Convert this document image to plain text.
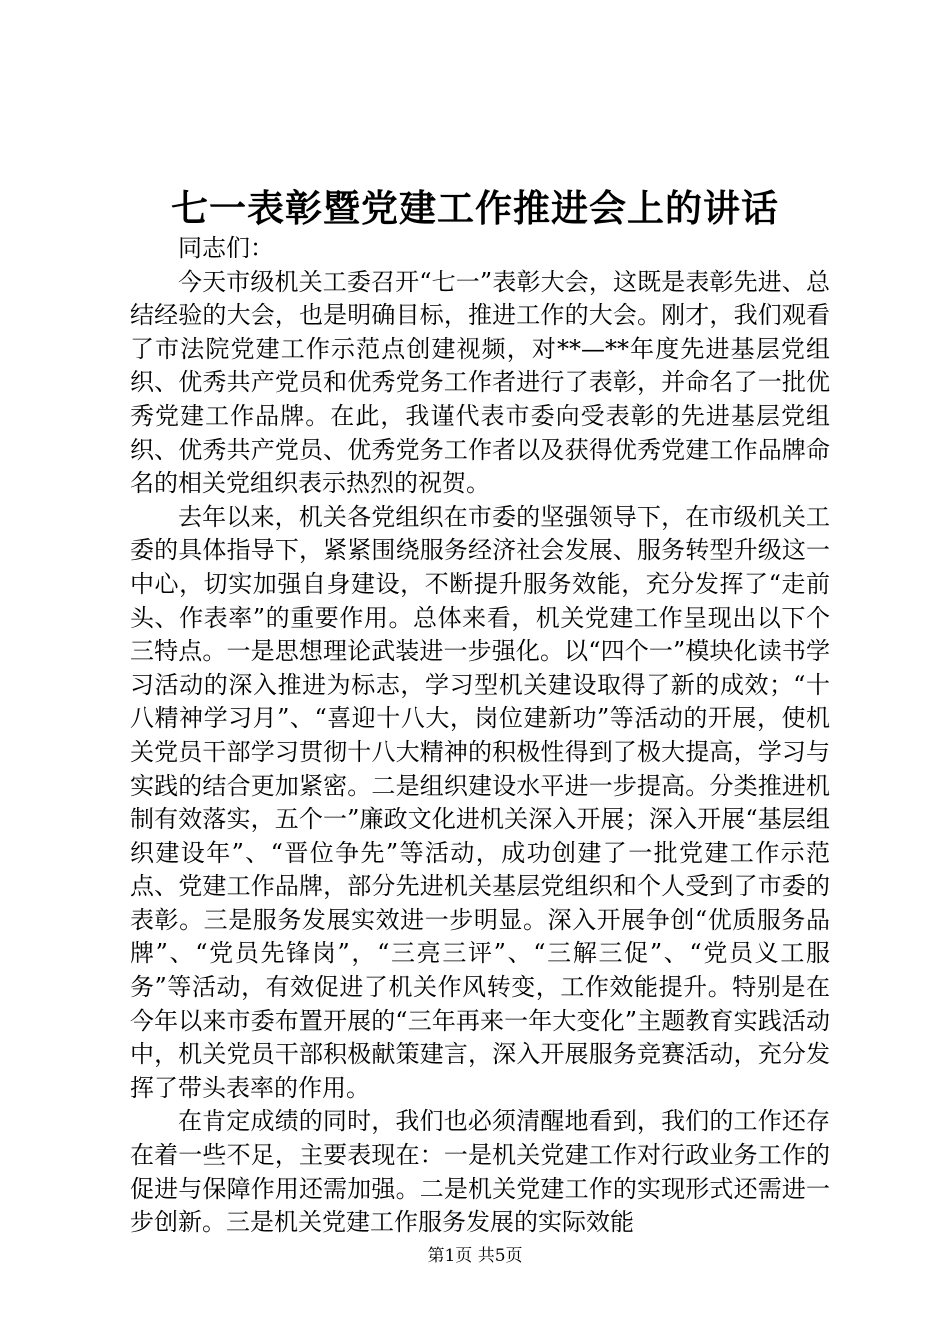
七一表彰暨党建工作推进会上的讲话

同志们：

今天市级机关工委召开“七一”表彰大会，这既是表彰先进、总结经验的大会，也是明确目标，推进工作的大会。刚才，我们观看了市法院党建工作示范点创建视频，对**—**年度先进基层党组织、优秀共产党员和优秀党务工作者进行了表彰，并命名了一批优秀党建工作品牌。在此，我谨代表市委向受表彰的先进基层党组织、优秀共产党员、优秀党务工作者以及获得优秀党建工作品牌命名的相关党组织表示热烈的祝贺。

去年以来，机关各党组织在市委的坚强领导下，在市级机关工委的具体指导下，紧紧围绕服务经济社会发展、服务转型升级这一中心，切实加强自身建设，不断提升服务效能，充分发挥了“走前头、作表率”的重要作用。总体来看，机关党建工作呈现出以下个三特点。一是思想理论武装进一步强化。以“四个一”模块化读书学习活动的深入推进为标志，学习型机关建设取得了新的成效；“十八精神学习月”、“喜迎十八大，岗位建新功”等活动的开展，使机关党员干部学习贯彻十八大精神的积极性得到了极大提高，学习与实践的结合更加紧密。二是组织建设水平进一步提高。分类推进机制有效落实，五个一”廉政文化进机关深入开展；深入开展“基层组织建设年”、“晋位争先”等活动，成功创建了一批党建工作示范点、党建工作品牌，部分先进机关基层党组织和个人受到了市委的表彰。三是服务发展实效进一步明显。深入开展争创“优质服务品牌”、“党员先锋岗”，“三亮三评”、“三解三促”、“党员义工服务”等活动，有效促进了机关作风转变，工作效能提升。特别是在今年以来市委布置开展的“三年再来一年大变化”主题教育实践活动中，机关党员干部积极献策建言，深入开展服务竞赛活动，充分发挥了带头表率的作用。

在肯定成绩的同时，我们也必须清醒地看到，我们的工作还存在着一些不足，主要表现在：一是机关党建工作对行政业务工作的促进与保障作用还需加强。二是机关党建工作的实现形式还需进一步创新。三是机关党建工作服务发展的实际效能

第1页 共5页
